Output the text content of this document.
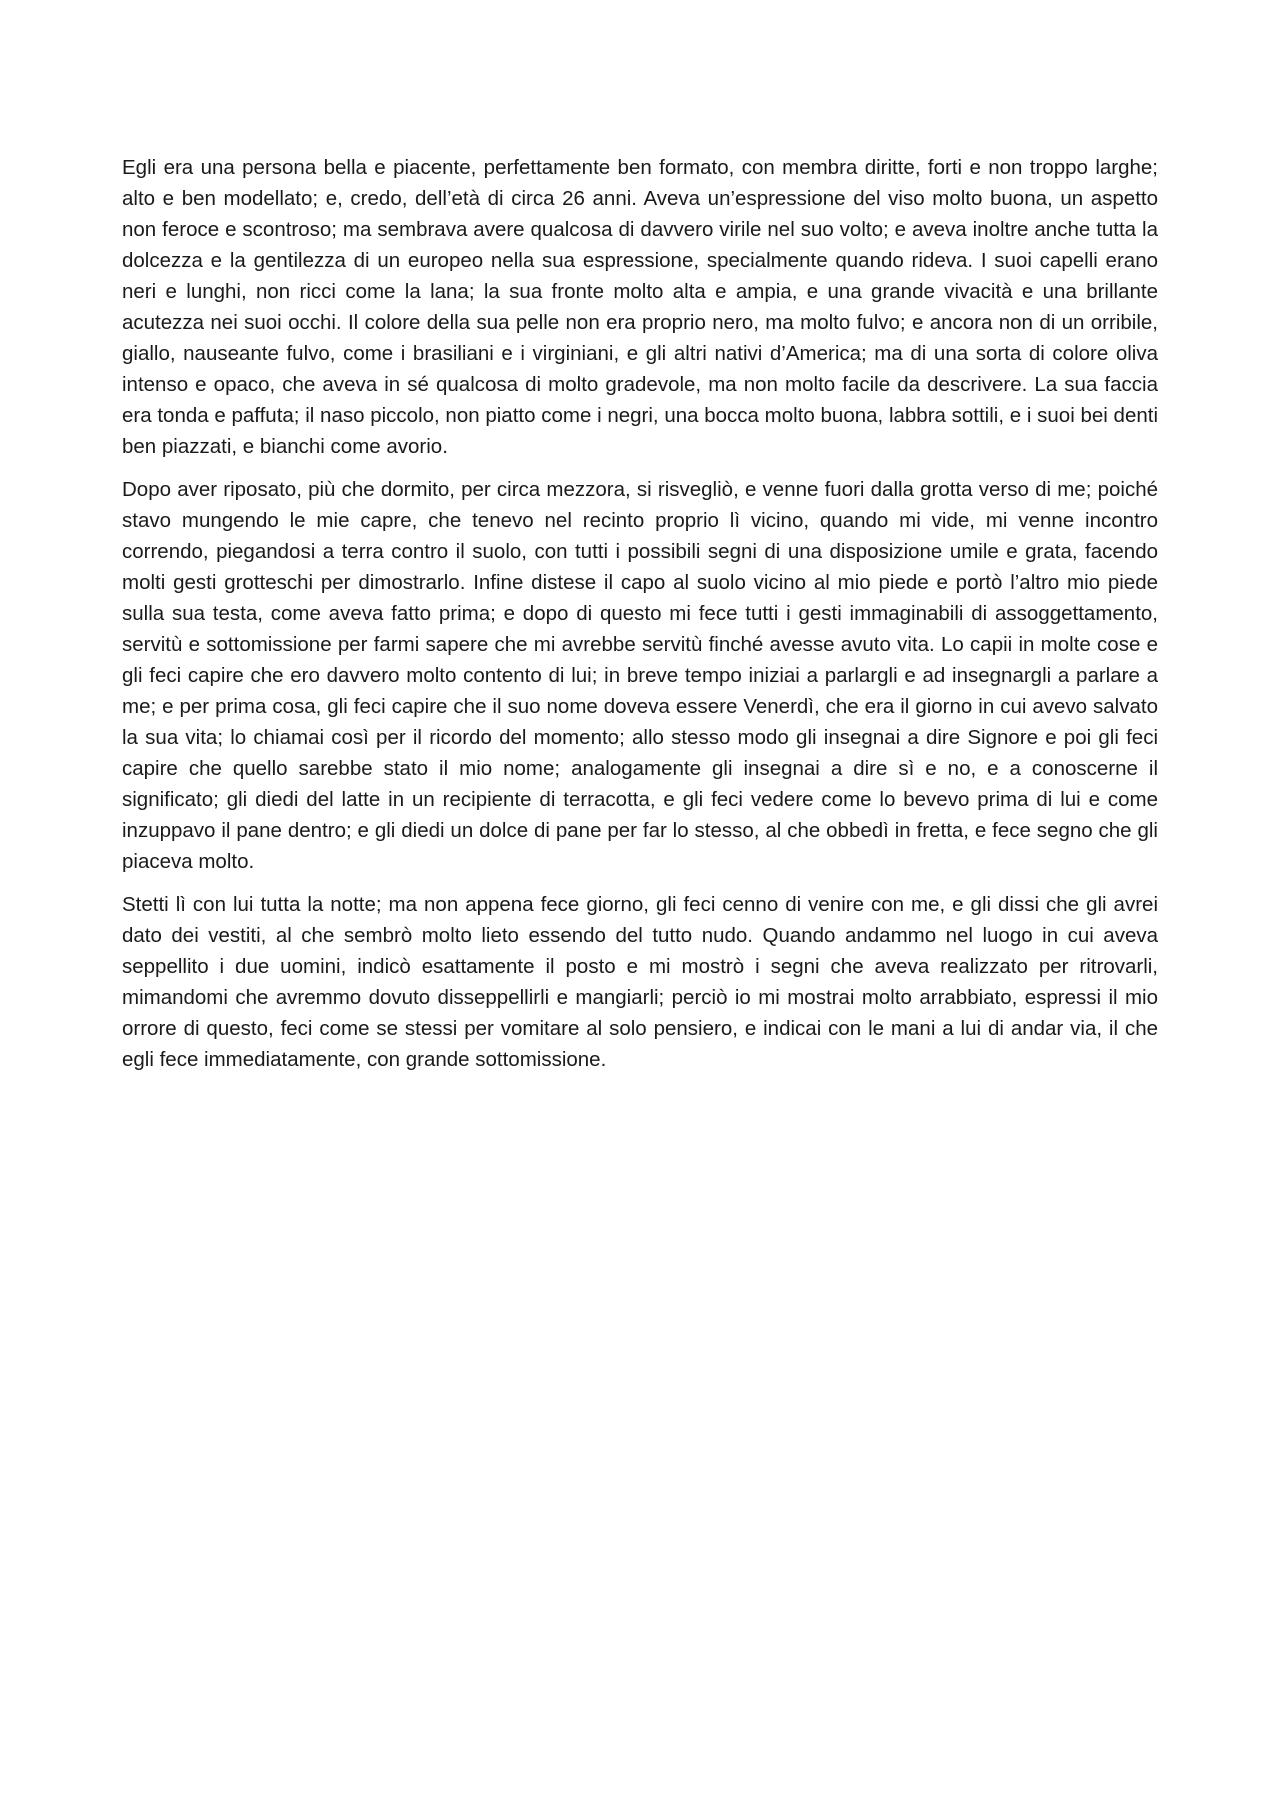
Egli era una persona bella e piacente, perfettamente ben formato, con membra diritte, forti e non troppo larghe; alto e ben modellato; e, credo, dell’età di circa 26 anni. Aveva un’espressione del viso molto buona, un aspetto non feroce e scontroso; ma sembrava avere qualcosa di davvero virile nel suo volto; e aveva inoltre anche tutta la dolcezza e la gentilezza di un europeo nella sua espressione, specialmente quando rideva. I suoi capelli erano neri e lunghi, non ricci come la lana; la sua fronte molto alta e ampia, e una grande vivacità e una brillante acutezza nei suoi occhi. Il colore della sua pelle non era proprio nero, ma molto fulvo; e ancora non di un orribile, giallo, nauseante fulvo, come i brasiliani e i virginiani, e gli altri nativi d’America; ma di una sorta di colore oliva intenso e opaco, che aveva in sé qualcosa di molto gradevole, ma non molto facile da descrivere. La sua faccia era tonda e paffuta; il naso piccolo, non piatto come i negri, una bocca molto buona, labbra sottili, e i suoi bei denti ben piazzati, e bianchi come avorio.

Dopo aver riposato, più che dormito, per circa mezzora, si risvegliò, e venne fuori dalla grotta verso di me; poiché stavo mungendo le mie capre, che tenevo nel recinto proprio lì vicino, quando mi vide, mi venne incontro correndo, piegandosi a terra contro il suolo, con tutti i possibili segni di una disposizione umile e grata, facendo molti gesti grotteschi per dimostrarlo. Infine distese il capo al suolo vicino al mio piede e portò l’altro mio piede sulla sua testa, come aveva fatto prima; e dopo di questo mi fece tutti i gesti immaginabili di assoggettamento, servitù e sottomissione per farmi sapere che mi avrebbe servitù finché avesse avuto vita. Lo capii in molte cose e gli feci capire che ero davvero molto contento di lui; in breve tempo iniziai a parlargli e ad insegnargli a parlare a me; e per prima cosa, gli feci capire che il suo nome doveva essere Venerdì, che era il giorno in cui avevo salvato la sua vita; lo chiamai così per il ricordo del momento; allo stesso modo gli insegnai a dire Signore e poi gli feci capire che quello sarebbe stato il mio nome; analogamente gli insegnai a dire sì e no, e a conoscerne il significato; gli diedi del latte in un recipiente di terracotta, e gli feci vedere come lo bevevo prima di lui e come inzuppavo il pane dentro; e gli diedi un dolce di pane per far lo stesso, al che obbedì in fretta, e fece segno che gli piaceva molto.

Stetti lì con lui tutta la notte; ma non appena fece giorno, gli feci cenno di venire con me, e gli dissi che gli avrei dato dei vestiti, al che sembrò molto lieto essendo del tutto nudo. Quando andammo nel luogo in cui aveva seppellito i due uomini, indicò esattamente il posto e mi mostrò i segni che aveva realizzato per ritrovarli, mimandomi che avremmo dovuto disseppellirli e mangiarli; perciò io mi mostrai molto arrabbiato, espressi il mio orrore di questo, feci come se stessi per vomitare al solo pensiero, e indicai con le mani a lui di andar via, il che egli fece immediatamente, con grande sottomissione.
